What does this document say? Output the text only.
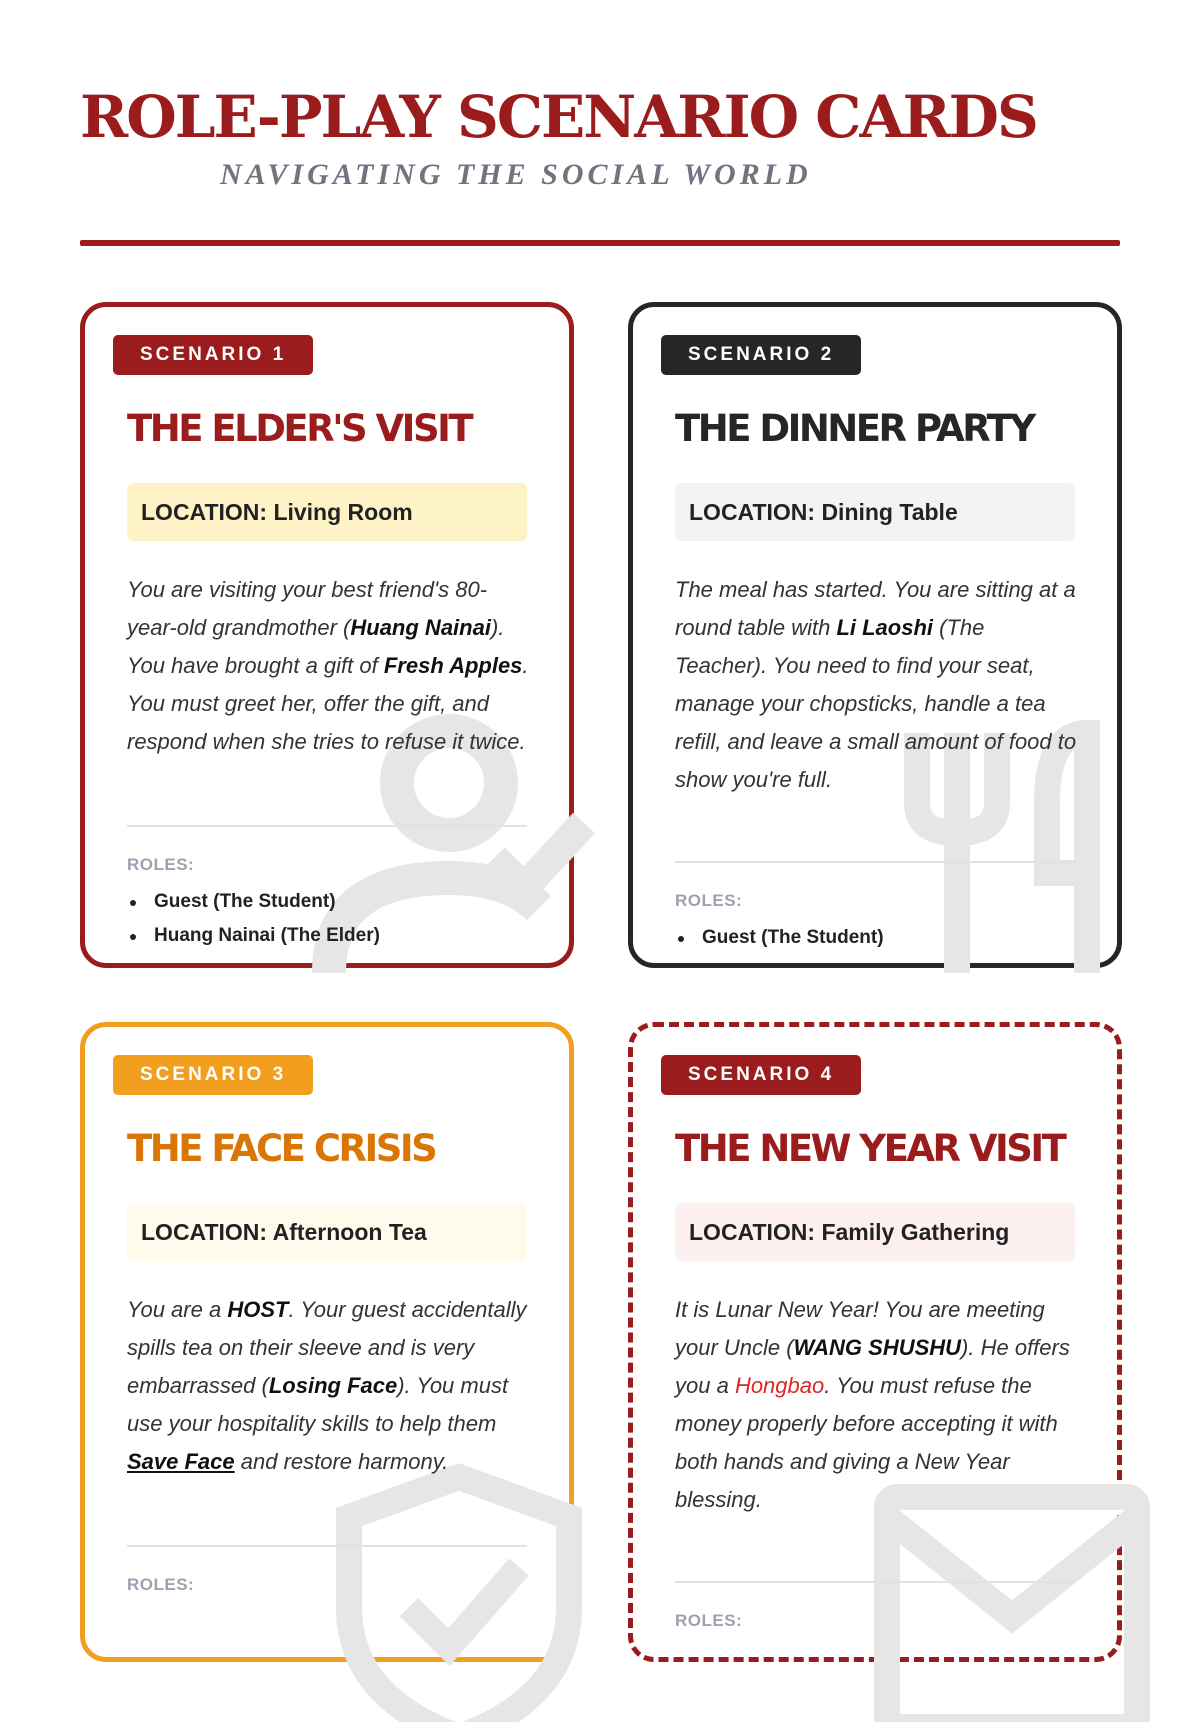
ROLE-PLAY SCENARIO CARDS
NAVIGATING THE SOCIAL WORLD
SCENARIO 1
THE ELDER'S VISIT
LOCATION: Living Room

You are visiting your best friend's 80-year-old grandmother (Huang Nainai). You have brought a gift of Fresh Apples. You must greet her, offer the gift, and respond when she tries to refuse it twice.

ROLES:
Guest (The Student)
Huang Nainai (The Elder)
SCENARIO 2
THE DINNER PARTY
LOCATION: Dining Table

The meal has started. You are sitting at a round table with Li Laoshi (The Teacher). You need to find your seat, manage your chopsticks, handle a tea refill, and leave a small amount of food to show you're full.

ROLES:
Guest (The Student)
SCENARIO 3
THE FACE CRISIS
LOCATION: Afternoon Tea

You are a HOST. Your guest accidentally spills tea on their sleeve and is very embarrassed (Losing Face). You must use your hospitality skills to help them Save Face and restore harmony.

ROLES:
SCENARIO 4
THE NEW YEAR VISIT
LOCATION: Family Gathering

It is Lunar New Year! You are meeting your Uncle (WANG SHUSHU). He offers you a Hongbao. You must refuse the money properly before accepting it with both hands and giving a New Year blessing.

ROLES:
